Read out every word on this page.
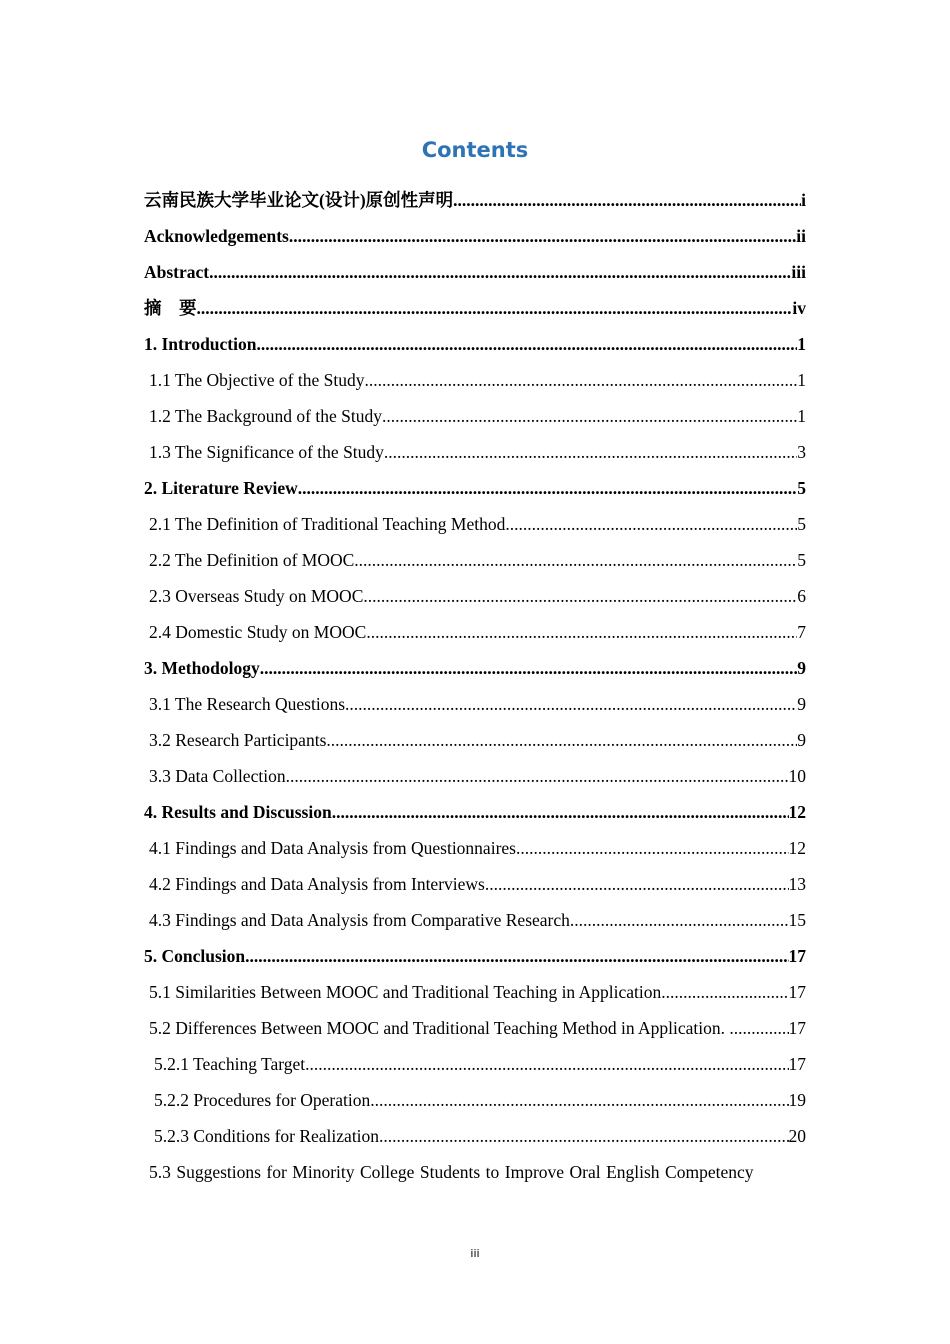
Contents
云南民族大学毕业论文(设计)原创性声明 .....	i
Acknowledgements .....	ii
Abstract .....	iii
摘　要 .....	iv
1. Introduction .....	1
1.1 The Objective of the Study .....	1
1.2 The Background of the Study .....	1
1.3 The Significance of the Study .....	3
2. Literature Review .....	5
2.1 The Definition of Traditional Teaching Method .....	5
2.2 The Definition of MOOC .....	5
2.3 Overseas Study on MOOC .....	6
2.4 Domestic Study on MOOC .....	7
3. Methodology .....	9
3.1 The Research Questions .....	9
3.2 Research Participants .....	9
3.3 Data Collection .....	10
4. Results and Discussion .....	12
4.1 Findings and Data Analysis from Questionnaires .....	12
4.2 Findings and Data Analysis from Interviews .....	13
4.3 Findings and Data Analysis from Comparative Research .....	15
5. Conclusion .....	17
5.1 Similarities Between MOOC and Traditional Teaching in Application .....	17
5.2 Differences Between MOOC and Traditional Teaching Method in Application. . .....	17
5.2.1 Teaching Target .....	17
5.2.2 Procedures for Operation .....	19
5.2.3 Conditions for Realization .....	20
5.3 Suggestions for Minority College Students to Improve Oral English Competency
iii
